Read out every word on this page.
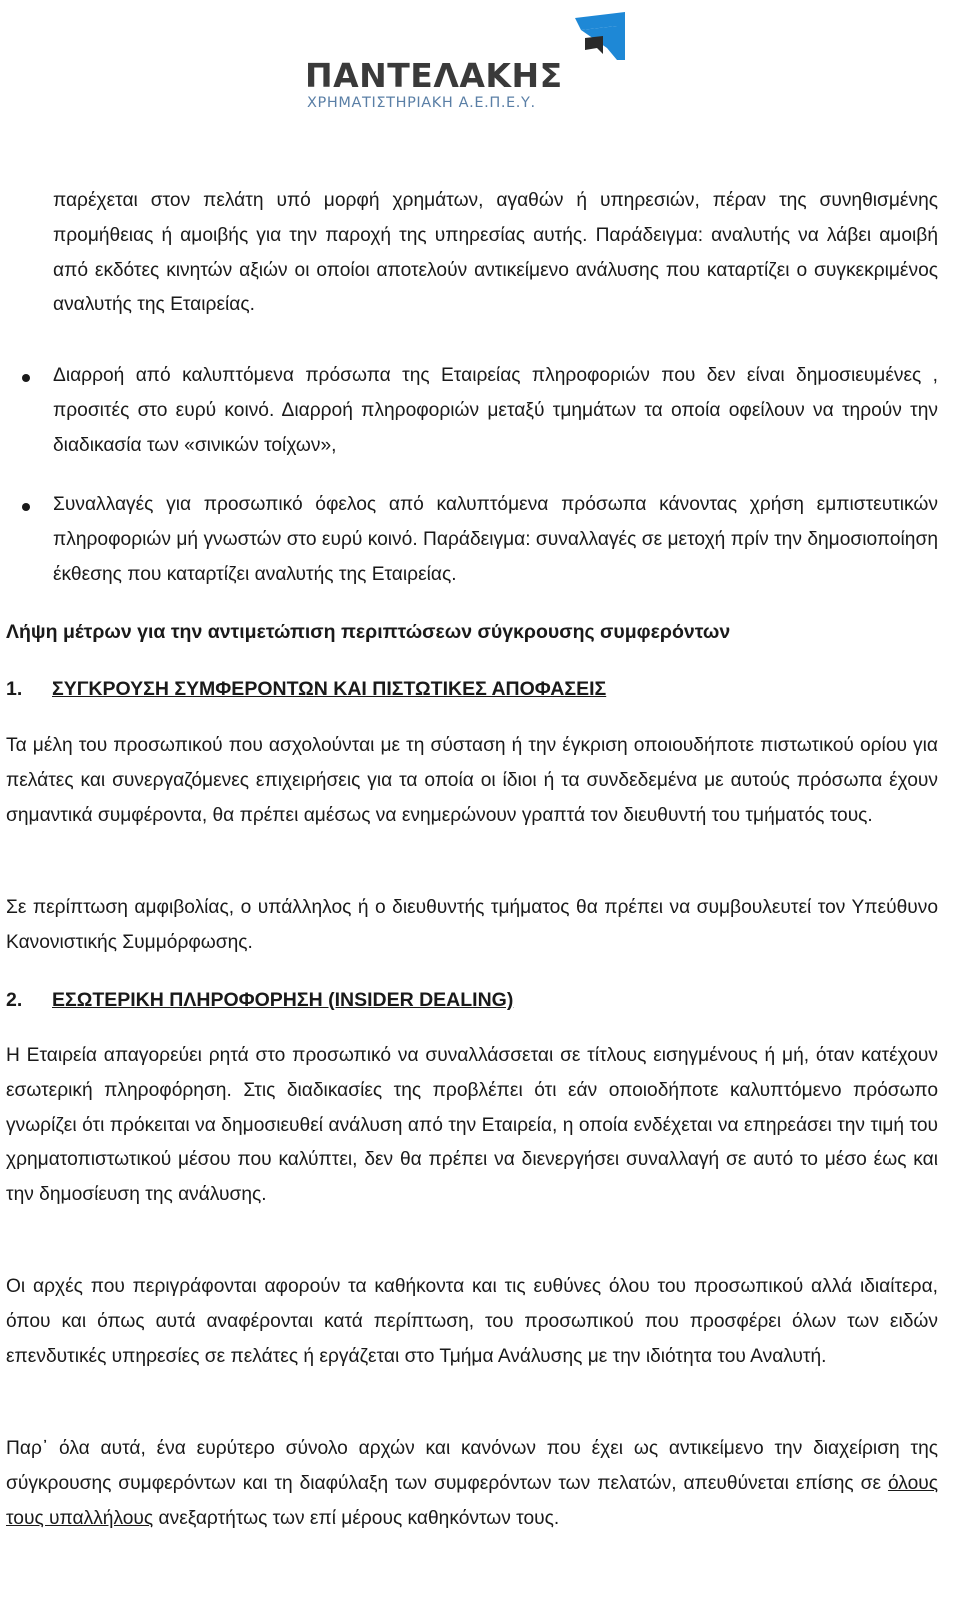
ΠΑΝΤΕΛΑΚΗΣ
ΧΡΗΜΑΤΙΣΤΗΡΙΑΚΗ Α.Ε.Π.Ε.Υ.

παρέχεται στον πελάτη υπό μορφή χρημάτων, αγαθών ή υπηρεσιών, πέραν της συνηθισμένης προμήθειας ή αμοιβής για την παροχή της υπηρεσίας αυτής. Παράδειγμα: αναλυτής να λάβει αμοιβή από εκδότες κινητών αξιών οι οποίοι αποτελούν αντικείμενο ανάλυσης που καταρτίζει ο συγκεκριμένος αναλυτής της Εταιρείας.

Διαρροή από καλυπτόμενα πρόσωπα της Εταιρείας πληροφοριών που δεν είναι δημοσιευμένες , προσιτές στο ευρύ κοινό. Διαρροή πληροφοριών μεταξύ τμημάτων τα οποία οφείλουν να τηρούν την διαδικασία των «σινικών τοίχων»,

Συναλλαγές για προσωπικό όφελος από καλυπτόμενα πρόσωπα κάνοντας χρήση εμπιστευτικών πληροφοριών μή γνωστών στο ευρύ κοινό. Παράδειγμα: συναλλαγές σε μετοχή πρίν την δημοσιοποίηση έκθεσης που καταρτίζει αναλυτής της Εταιρείας.

Λήψη μέτρων για την αντιμετώπιση περιπτώσεων σύγκρουσης συμφερόντων

1. ΣΥΓΚΡΟΥΣΗ ΣΥΜΦΕΡΟΝΤΩΝ ΚΑΙ ΠΙΣΤΩΤΙΚΕΣ ΑΠΟΦΑΣΕΙΣ

Τα μέλη του προσωπικού που ασχολούνται με τη σύσταση ή την έγκριση οποιουδήποτε πιστωτικού ορίου για πελάτες και συνεργαζόμενες επιχειρήσεις για τα οποία οι ίδιοι ή τα συνδεδεμένα με αυτούς πρόσωπα έχουν σημαντικά συμφέροντα, θα πρέπει αμέσως να ενημερώνουν γραπτά τον διευθυντή του τμήματός τους.

Σε περίπτωση αμφιβολίας, ο υπάλληλος ή ο διευθυντής τμήματος θα πρέπει να συμβουλευτεί τον Υπεύθυνο Κανονιστικής Συμμόρφωσης.

2. ΕΣΩΤΕΡΙΚΗ ΠΛΗΡΟΦΟΡΗΣΗ (INSIDER DEALING)

Η Εταιρεία απαγορεύει ρητά στο προσωπικό να συναλλάσσεται σε τίτλους εισηγμένους ή μή, όταν κατέχουν εσωτερική πληροφόρηση. Στις διαδικασίες της προβλέπει ότι εάν οποιοδήποτε καλυπτόμενο πρόσωπο γνωρίζει ότι πρόκειται να δημοσιευθεί ανάλυση από την Εταιρεία, η οποία ενδέχεται να επηρεάσει την τιμή του χρηματοπιστωτικού μέσου που καλύπτει, δεν θα πρέπει να διενεργήσει συναλλαγή σε αυτό το μέσο έως και την δημοσίευση της ανάλυσης.

Οι αρχές που περιγράφονται αφορούν τα καθήκοντα και τις ευθύνες όλου του προσωπικού αλλά ιδιαίτερα, όπου και όπως αυτά αναφέρονται κατά περίπτωση, του προσωπικού που προσφέρει όλων των ειδών επενδυτικές υπηρεσίες σε πελάτες ή εργάζεται στο Τμήμα Ανάλυσης με την ιδιότητα του Αναλυτή.

Παρ᾽ όλα αυτά, ένα ευρύτερο σύνολο αρχών και κανόνων που έχει ως αντικείμενο την διαχείριση της σύγκρουσης συμφερόντων και τη διαφύλαξη των συμφερόντων των πελατών, απευθύνεται επίσης σε όλους τους υπαλλήλους ανεξαρτήτως των επί μέρους καθηκόντων τους.
